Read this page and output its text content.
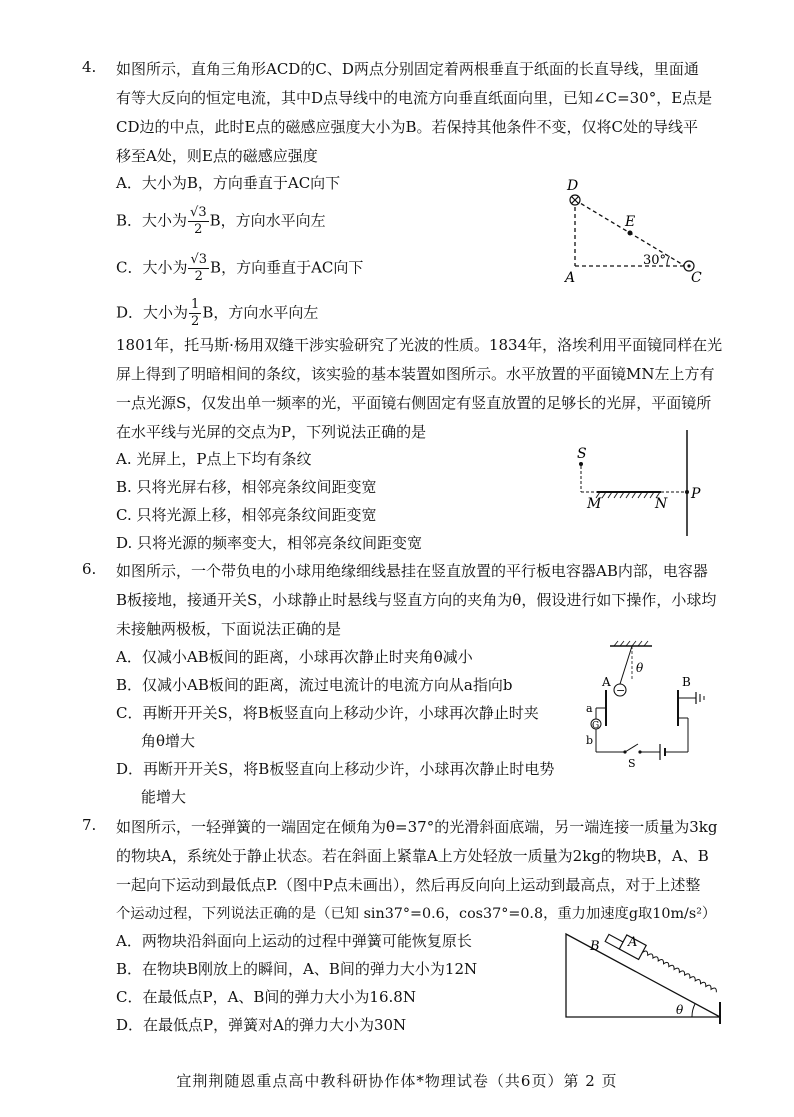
4. 如图所示，直角三角形ACD的C、D两点分别固定着两根垂直于纸面的长直导线，里面通
有等大反向的恒定电流，其中D点导线中的电流方向垂直纸面向里，已知∠C=30°，E点是
CD边的中点，此时E点的磁感应强度大小为B。若保持其他条件不变，仅将C处的导线平
移至A处，则E点的磁感应强度
A．大小为B，方向垂直于AC向下
B．大小为 $\frac{√3}{2}$ B，方向水平向左
C．大小为 $\frac{√3}{2}$ B，方向垂直于AC向下
D．大小为 $\frac{1}{2}$ B，方向水平向左
D
E
A	C
30°
1801年，托马斯·杨用双缝干涉实验研究了光波的性质。1834年，洛埃利用平面镜同样在光
屏上得到了明暗相间的条纹，该实验的基本装置如图所示。水平放置的平面镜MN左上方有
一点光源S，仅发出单一频率的光，平面镜右侧固定有竖直放置的足够长的光屏，平面镜所
在水平线与光屏的交点为P，下列说法正确的是
A. 光屏上，P点上下均有条纹
B. 只将光屏右移，相邻亮条纹间距变宽
C. 只将光源上移，相邻亮条纹间距变宽
D. 只将光源的频率变大，相邻亮条纹间距变宽
S
M	N
P
6. 如图所示，一个带负电的小球用绝缘细线悬挂在竖直放置的平行板电容器AB内部，电容器
B板接地，接通开关S，小球静止时悬线与竖直方向的夹角为θ，假设进行如下操作，小球均
未接触两极板，下面说法正确的是
A．仅减小AB板间的距离，小球再次静止时夹角θ减小
B．仅减小AB板间的距离，流过电流计的电流方向从a指向b
C．再断开开关S，将B板竖直向上移动少许，小球再次静止时夹
角θ增大
D．再断开开关S，将B板竖直向上移动少许，小球再次静止时电势
能增大
−
θ
A	B
G
a
b
S
7. 如图所示，一轻弹簧的一端固定在倾角为θ=37°的光滑斜面底端，另一端连接一质量为3kg
的物块A，系统处于静止状态。若在斜面上紧靠A上方处轻放一质量为2kg的物块B，A、B
一起向下运动到最低点P.（图中P点未画出），然后再反向向上运动到最高点，对于上述整
个运动过程，下列说法正确的是（已知 sin37°=0.6，cos37°=0.8，重力加速度g取10m/s²）
A．两物块沿斜面向上运动的过程中弹簧可能恢复原长
B．在物块B刚放上的瞬间，A、B间的弹力大小为12N
C．在最低点P，A、B间的弹力大小为16.8N
D．在最低点P，弹簧对A的弹力大小为30N
θ
B A
宜荆荆随恩重点高中教科研协作体*物理试卷（共6页）第 2 页
